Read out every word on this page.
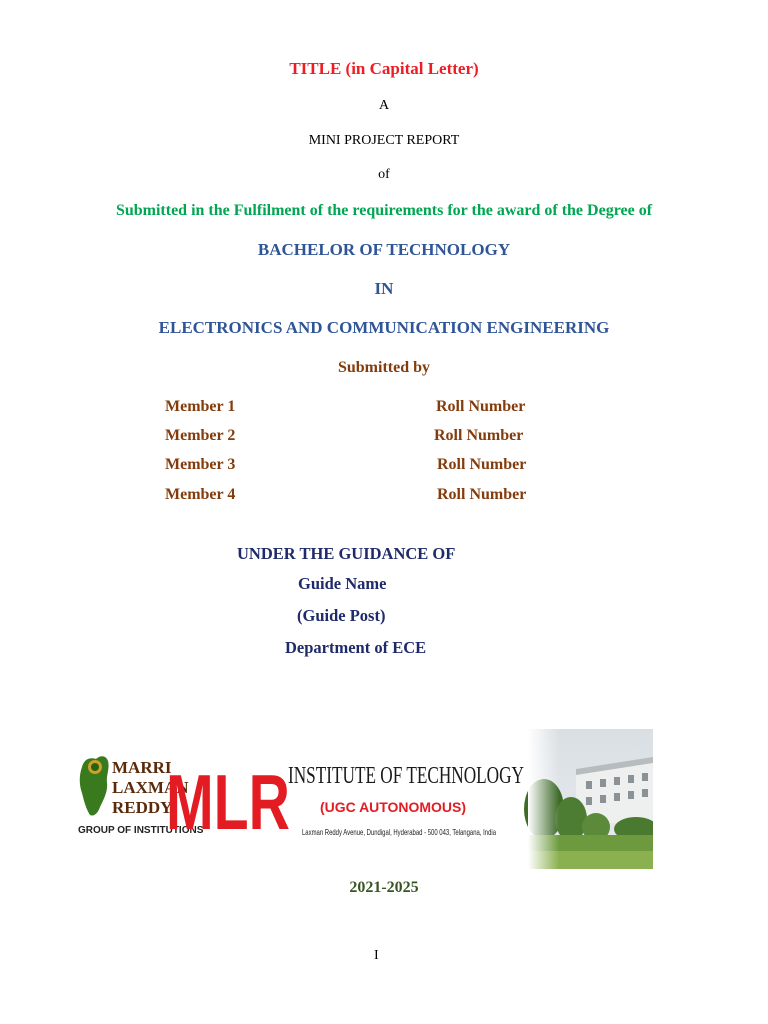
TITLE (in Capital Letter)
A
MINI PROJECT REPORT
of
Submitted in the Fulfilment of the requirements for the award of the Degree of
BACHELOR OF TECHNOLOGY
IN
ELECTRONICS AND COMMUNICATION ENGINEERING
Submitted by
Member 1	Roll Number
Member 2	Roll Number
Member 3	Roll Number
Member 4	Roll Number
UNDER THE GUIDANCE OF
Guide Name
(Guide Post)
Department of ECE
MARRI
LAXMAN
REDDY
GROUP OF INSTITUTIONS
MLR
INSTITUTE OF TECHNOLOGY
(UGC AUTONOMOUS)
Laxman Reddy Avenue, Dundigal, Hyderabad - 500 043, Telangana, India
2021-2025
I
